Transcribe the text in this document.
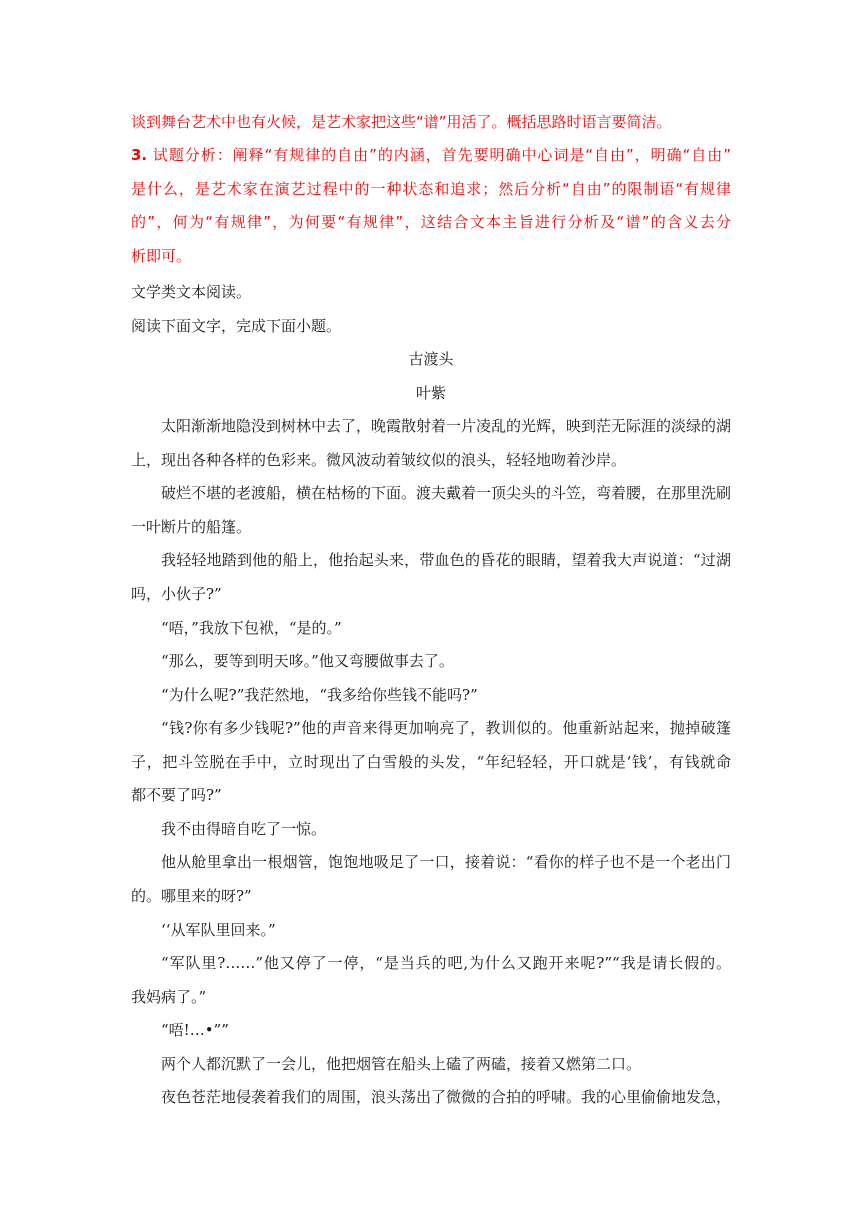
谈到舞台艺术中也有火候，是艺术家把这些“谱”用活了。概括思路时语言要简洁。
3. 试题分析：阐释“有规律的自由”的内涵，首先要明确中心词是“自由”，明确“自由”
是什么，是艺术家在演艺过程中的一种状态和追求；然后分析“自由”的限制语“有规律
的”，何为“有规律”，为何要“有规律”，这结合文本主旨进行分析及“谱”的含义去分
析即可。
文学类文本阅读。
阅读下面文字，完成下面小题。
古渡头
叶紫
太阳渐渐地隐没到树林中去了，晚霞散射着一片凌乱的光辉，映到茫无际涯的淡绿的湖
上，现出各种各样的色彩来。微风波动着皱纹似的浪头，轻轻地吻着沙岸。
破烂不堪的老渡船，横在枯杨的下面。渡夫戴着一顶尖头的斗笠，弯着腰，在那里洗刷
一叶断片的船篷。
我轻轻地踏到他的船上，他抬起头来，带血色的昏花的眼睛，望着我大声说道：“过湖
吗，小伙子?”
“唔，”我放下包袱，“是的。”
“那么，要等到明天哆。”他又弯腰做事去了。
“为什么呢?”我茫然地，“我多给你些钱不能吗?”
“钱?你有多少钱呢?”他的声音来得更加响亮了，教训似的。他重新站起来，抛掉破篷
子，把斗笠脱在手中，立时现出了白雪般的头发，“年纪轻轻，开口就是‘钱’，有钱就命
都不要了吗?”
我不由得暗自吃了一惊。
他从舱里拿出一根烟管，饱饱地吸足了一口，接着说：“看你的样子也不是一个老出门
的。哪里来的呀?”
‘‘从军队里回来。”
“军队里?……”他又停了一停，“是当兵的吧,为什么又跑开来呢?”“我是请长假的。
我妈病了。”
“唔!…•””
两个人都沉默了一会儿，他把烟管在船头上磕了两磕，接着又燃第二口。
夜色苍茫地侵袭着我们的周围，浪头荡出了微微的合拍的呼啸。我的心里偷偷地发急，
